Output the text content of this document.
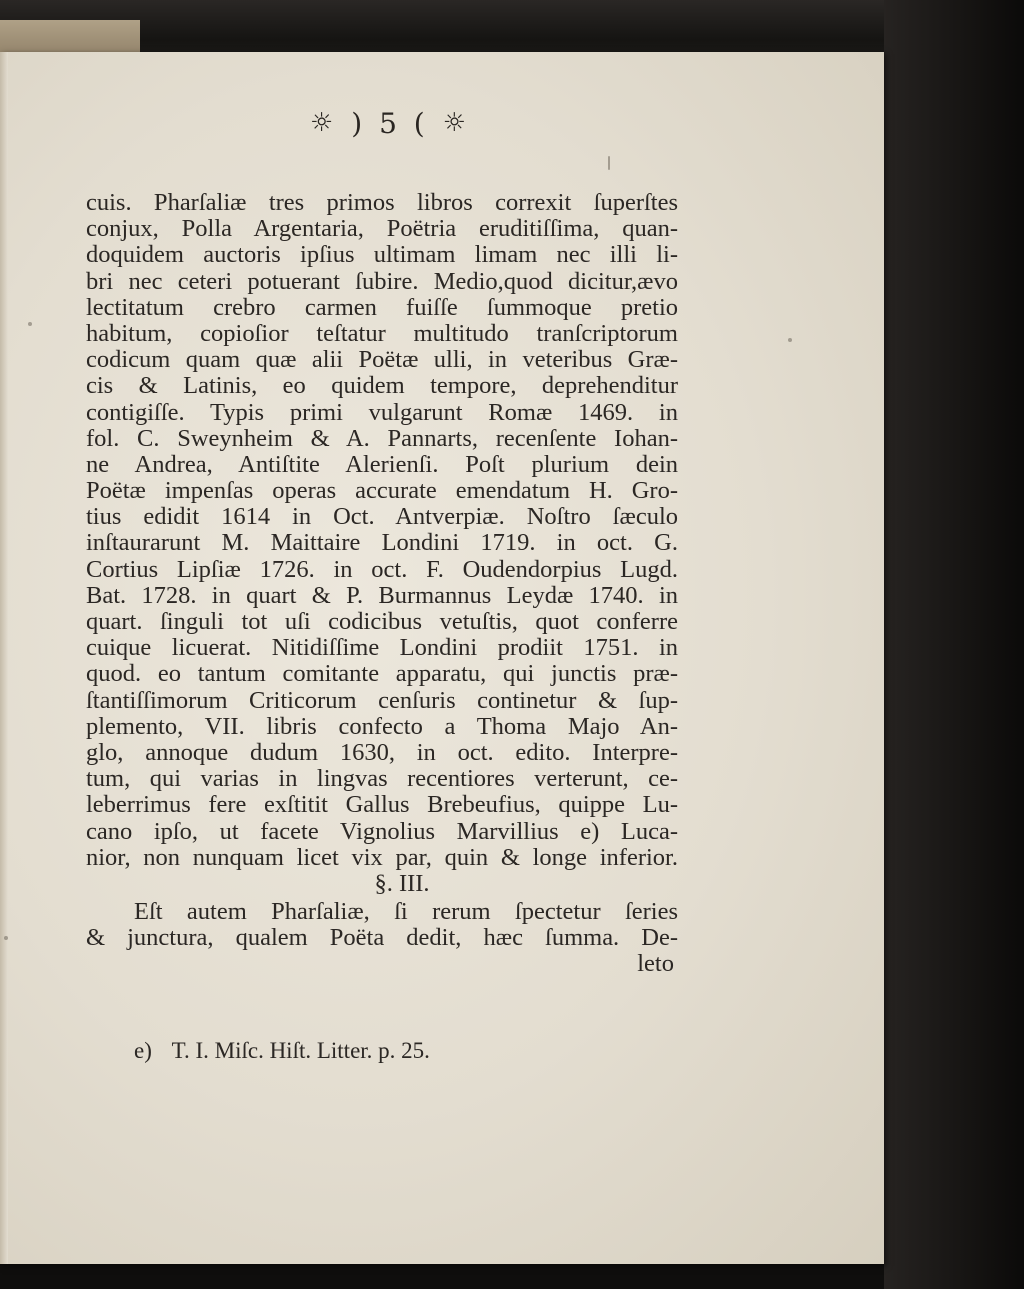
☼ ) 5 ( ☼
cuis. Pharſaliæ tres primos libros correxit ſuperſtes
conjux, Polla Argentaria, Poëtria eruditiſſima, quan-
doquidem auctoris ipſius ultimam limam nec illi li-
bri nec ceteri potuerant ſubire. Medio,quod dicitur,ævo
lectitatum crebro carmen fuiſſe ſummoque pretio
habitum, copioſior teſtatur multitudo tranſcriptorum
codicum quam quæ alii Poëtæ ulli, in veteribus Græ-
cis & Latinis, eo quidem tempore, deprehenditur
contigiſſe. Typis primi vulgarunt Romæ 1469. in
fol. C. Sweynheim & A. Pannarts, recenſente Iohan-
ne Andrea, Antiſtite Alerienſi. Poſt plurium dein
Poëtæ impenſas operas accurate emendatum H. Gro-
tius edidit 1614 in Oct. Antverpiæ. Noſtro ſæculo
inſtaurarunt M. Maittaire Londini 1719. in oct. G.
Cortius Lipſiæ 1726. in oct. F. Oudendorpius Lugd.
Bat. 1728. in quart & P. Burmannus Leydæ 1740. in
quart. ſinguli tot uſi codicibus vetuſtis, quot conferre
cuique licuerat. Nitidiſſime Londini prodiit 1751. in
quod. eo tantum comitante apparatu, qui junctis præ-
ſtantiſſimorum Criticorum cenſuris continetur & ſup-
plemento, VII. libris confecto a Thoma Majo An-
glo, annoque dudum 1630, in oct. edito. Interpre-
tum, qui varias in lingvas recentiores verterunt, ce-
leberrimus fere exſtitit Gallus Brebeufius, quippe Lu-
cano ipſo, ut facete Vignolius Marvillius e) Luca-
nior, non nunquam licet vix par, quin & longe inferior.
§. III.
Eſt autem Pharſaliæ, ſi rerum ſpectetur ſeries
& junctura, qualem Poëta dedit, hæc ſumma. De-
leto
e) T. I. Miſc. Hiſt. Litter. p. 25.
